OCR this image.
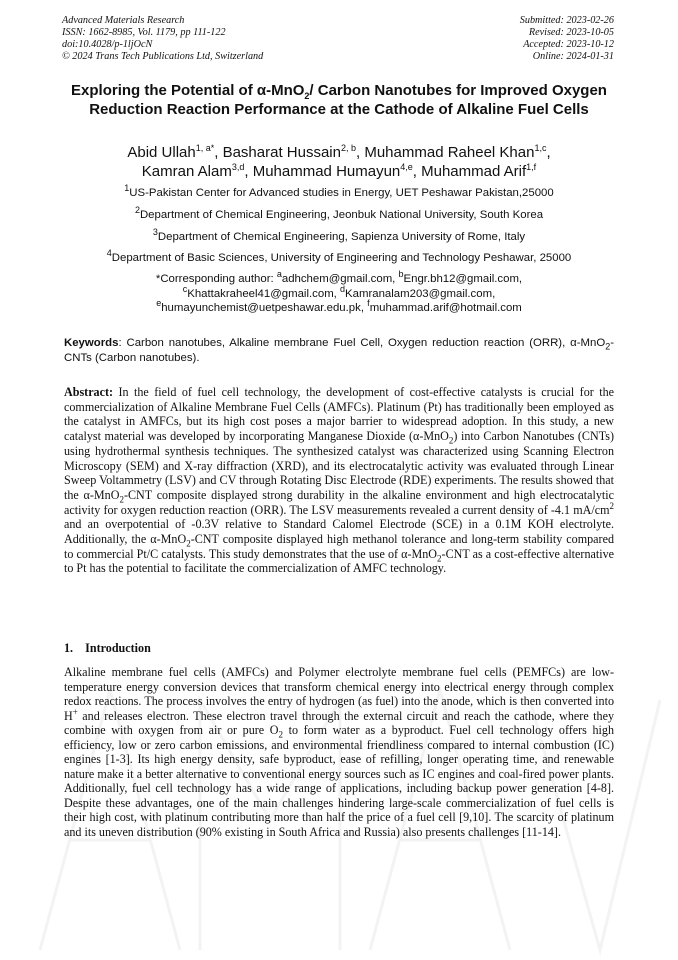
Advanced Materials Research
ISSN: 1662-8985, Vol. 1179, pp 111-122
doi:10.4028/p-1ljOcN
© 2024 Trans Tech Publications Ltd, Switzerland
Submitted: 2023-02-26
Revised: 2023-10-05
Accepted: 2023-10-12
Online: 2024-01-31
Exploring the Potential of α-MnO$_2$/ Carbon Nanotubes for Improved Oxygen Reduction Reaction Performance at the Cathode of Alkaline Fuel Cells
Abid Ullah$^{1, a*}$, Basharat Hussain$^{2, b}$, Muhammad Raheel Khan$^{1,c}$,
Kamran Alam$^{3,d}$, Muhammad Humayun$^{4,e}$, Muhammad Arif$^{1,f}$
$^1$US-Pakistan Center for Advanced studies in Energy, UET Peshawar Pakistan,25000
$^2$Department of Chemical Engineering, Jeonbuk National University, South Korea
$^3$Department of Chemical Engineering, Sapienza University of Rome, Italy
$^4$Department of Basic Sciences, University of Engineering and Technology Peshawar, 25000
*Corresponding author: $^a$adhchem@gmail.com, $^b$Engr.bh12@gmail.com,
$^c$Khattakraheel41@gmail.com, $^d$Kamranalam203@gmail.com,
$^e$humayunchemist@uetpeshawar.edu.pk, $^f$muhammad.arif@hotmail.com
Keywords: Carbon nanotubes, Alkaline membrane Fuel Cell, Oxygen reduction reaction (ORR), α-MnO$_2$-CNTs (Carbon nanotubes).
Abstract: In the field of fuel cell technology, the development of cost-effective catalysts is crucial for the commercialization of Alkaline Membrane Fuel Cells (AMFCs). Platinum (Pt) has traditionally been employed as the catalyst in AMFCs, but its high cost poses a major barrier to widespread adoption. In this study, a new catalyst material was developed by incorporating Manganese Dioxide (α-MnO$_2$) into Carbon Nanotubes (CNTs) using hydrothermal synthesis techniques. The synthesized catalyst was characterized using Scanning Electron Microscopy (SEM) and X-ray diffraction (XRD), and its electrocatalytic activity was evaluated through Linear Sweep Voltammetry (LSV) and CV through Rotating Disc Electrode (RDE) experiments. The results showed that the α-MnO$_2$-CNT composite displayed strong durability in the alkaline environment and high electrocatalytic activity for oxygen reduction reaction (ORR). The LSV measurements revealed a current density of -4.1 $mA/cm^2$ and an overpotential of -0.3V relative to Standard Calomel Electrode (SCE) in a 0.1M KOH electrolyte. Additionally, the α-MnO$_2$-CNT composite displayed high methanol tolerance and long-term stability compared to commercial Pt/C catalysts. This study demonstrates that the use of α-MnO$_2$-CNT as a cost-effective alternative to Pt has the potential to facilitate the commercialization of AMFC technology.
1.    Introduction
Alkaline membrane fuel cells (AMFCs) and Polymer electrolyte membrane fuel cells (PEMFCs) are low-temperature energy conversion devices that transform chemical energy into electrical energy through complex redox reactions. The process involves the entry of hydrogen (as fuel) into the anode, which is then converted into H+ and releases electron. These electron travel through the external circuit and reach the cathode, where they combine with oxygen from air or pure $O_2$ to form water as a byproduct. Fuel cell technology offers high efficiency, low or zero carbon emissions, and environmental friendliness compared to internal combustion (IC) engines [1-3]. Its high energy density, safe byproduct, ease of refilling, longer operating time, and renewable nature make it a better alternative to conventional energy sources such as IC engines and coal-fired power plants. Additionally, fuel cell technology has a wide range of applications, including backup power generation [4-8]. Despite these advantages, one of the main challenges hindering large-scale commercialization of fuel cells is their high cost, with platinum contributing more than half the price of a fuel cell [9,10]. The scarcity of platinum and its uneven distribution (90% existing in South Africa and Russia) also presents challenges [11-14].
